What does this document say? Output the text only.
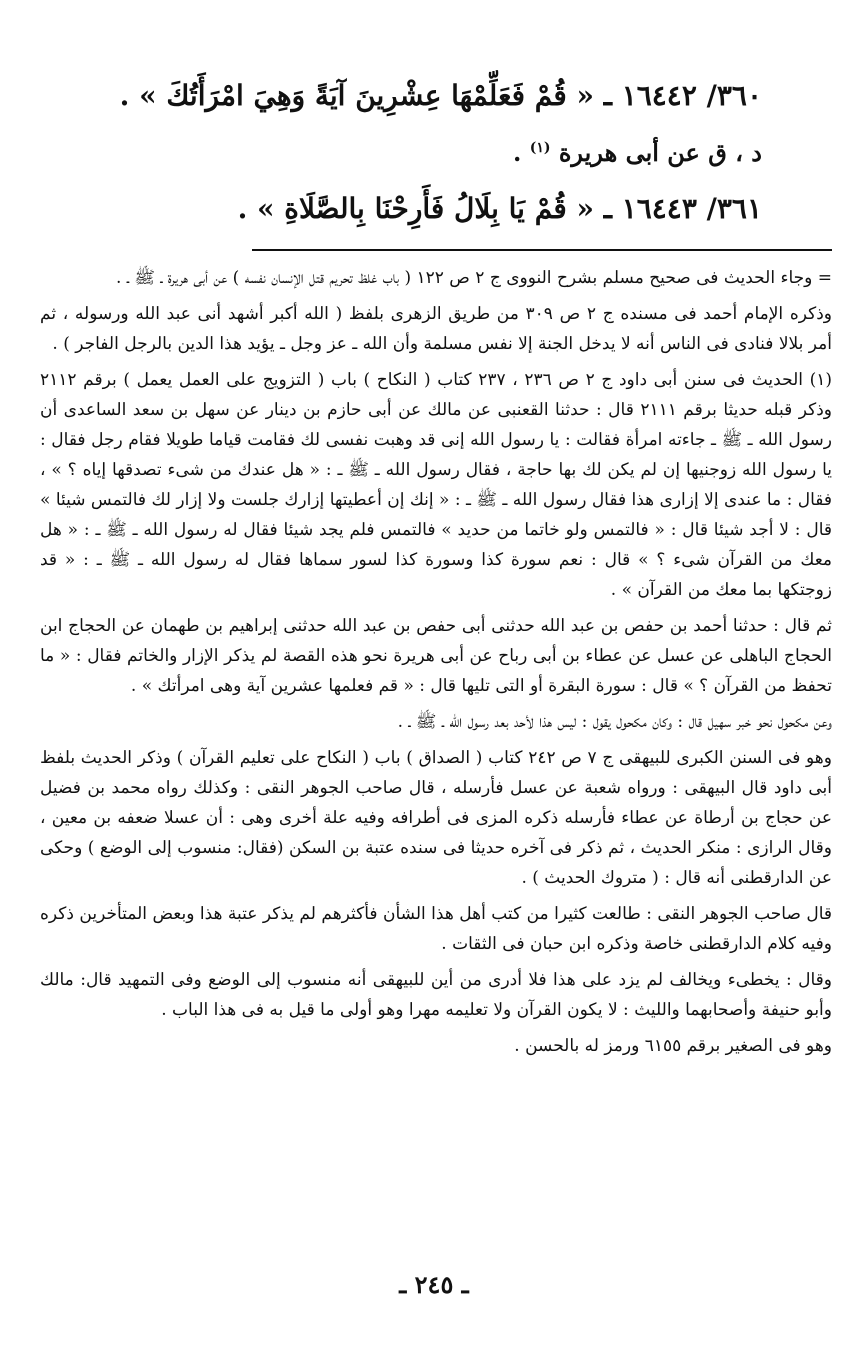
٣٦٠/ ١٦٤٤٢ ـ « قُمْ فَعَلِّمْهَا عِشْرِينَ آيَةً وَهِيَ امْرَأَتُكَ » .
د ، ق عن أبى هريرة $^{(١)}$ .
٣٦١/ ١٦٤٤٣ ـ « قُمْ يَا بِلَالُ فَأَرِحْنَا بِالصَّلَاةِ » .

= وجاء الحديث فى صحيح مسلم بشرح النووى ج ٢ ص ١٢٢ ( باب غلظ تحريم قتل الإنسان نفسه ) عن أبى هريرة ـ ﷺ ـ .

وذكره الإمام أحمد فى مسنده ج ٢ ص ٣٠٩ من طريق الزهرى بلفظ ( الله أكبر أشهد أنى عبد الله ورسوله ، ثم أمر بلالا فنادى فى الناس أنه لا يدخل الجنة إلا نفس مسلمة وأن الله ـ عز وجل ـ يؤيد هذا الدين بالرجل الفاجر ) .

(١) الحديث فى سنن أبى داود ج ٢ ص ٢٣٦ ، ٢٣٧ كتاب ( النكاح ) باب ( التزويج على العمل يعمل ) برقم ٢١١٢ وذكر قبله حديثا برقم ٢١١١ قال : حدثنا القعنبى عن مالك عن أبى حازم بن دينار عن سهل بن سعد الساعدى أن رسول الله ـ ﷺ ـ جاءته امرأة فقالت : يا رسول الله إنى قد وهبت نفسى لك فقامت قياما طويلا فقام رجل فقال : يا رسول الله زوجنيها إن لم يكن لك بها حاجة ، فقال رسول الله ـ ﷺ ـ : « هل عندك من شىء تصدقها إياه ؟ » ، فقال : ما عندى إلا إزارى هذا فقال رسول الله ـ ﷺ ـ : « إنك إن أعطيتها إزارك جلست ولا إزار لك فالتمس شيئا » قال : لا أجد شيئا قال : « فالتمس ولو خاتما من حديد » فالتمس فلم يجد شيئا فقال له رسول الله ـ ﷺ ـ : « هل معك من القرآن شىء ؟ » قال : نعم سورة كذا وسورة كذا لسور سماها فقال له رسول الله ـ ﷺ ـ : « قد زوجتكها بما معك من القرآن » .

ثم قال : حدثنا أحمد بن حفص بن عبد الله حدثنى أبى حفص بن عبد الله حدثنى إبراهيم بن طهمان عن الحجاج ابن الحجاج الباهلى عن عسل عن عطاء بن أبى رباح عن أبى هريرة نحو هذه القصة لم يذكر الإزار والخاتم فقال : « ما تحفظ من القرآن ؟ » قال : سورة البقرة أو التى تليها قال : « قم فعلمها عشرين آية وهى امرأتك » .

وعن مكحول نحو خبر سهيل قال : وكان مكحول يقول : ليس هذا لأحد بعد رسول الله ـ ﷺ ـ .

وهو فى السنن الكبرى للبيهقى ج ٧ ص ٢٤٢ كتاب ( الصداق ) باب ( النكاح على تعليم القرآن ) وذكر الحديث بلفظ أبى داود قال البيهقى : ورواه شعبة عن عسل فأرسله ، قال صاحب الجوهر النقى : وكذلك رواه محمد بن فضيل عن حجاج بن أرطاة عن عطاء فأرسله ذكره المزى فى أطرافه وفيه علة أخرى وهى : أن عسلا ضعفه بن معين ، وقال الرازى : منكر الحديث ، ثم ذكر فى آخره حديثا فى سنده عتبة بن السكن (فقال: منسوب إلى الوضع ) وحكى عن الدارقطنى أنه قال : ( متروك الحديث ) .

قال صاحب الجوهر النقى : طالعت كثيرا من كتب أهل هذا الشأن فأكثرهم لم يذكر عتبة هذا وبعض المتأخرين ذكره وفيه كلام الدارقطنى خاصة وذكره ابن حبان فى الثقات .

وقال : يخطىء ويخالف لم يزد على هذا فلا أدرى من أين للبيهقى أنه منسوب إلى الوضع وفى التمهيد قال: مالك وأبو حنيفة وأصحابهما والليث : لا يكون القرآن ولا تعليمه مهرا وهو أولى ما قيل به فى هذا الباب .

وهو فى الصغير برقم ٦١٥٥ ورمز له بالحسن .

ـ ٢٤٥ ـ
